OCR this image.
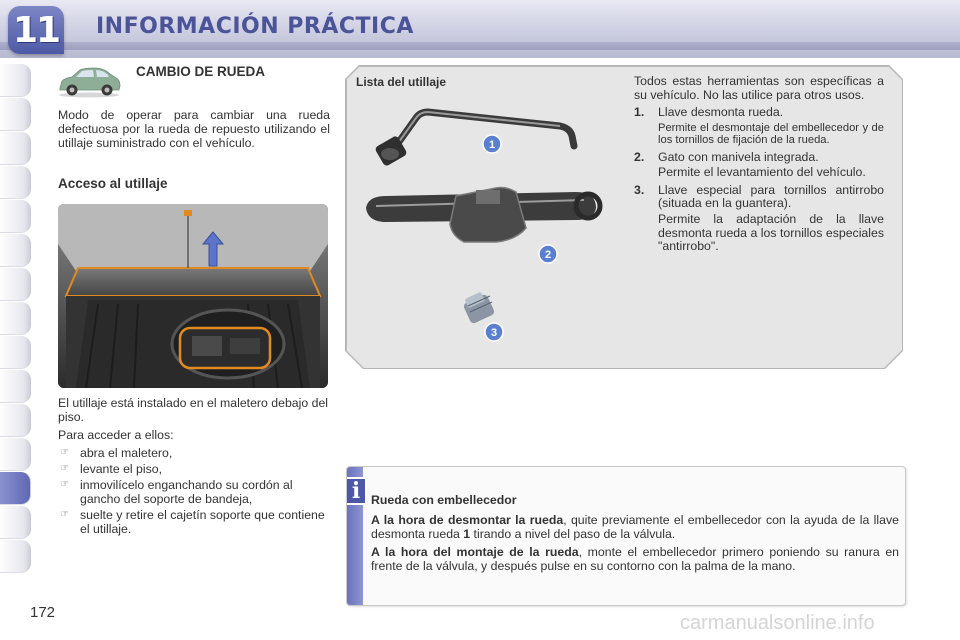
11 INFORMACIÓN PRÁCTICA
CAMBIO DE RUEDA
Modo de operar para cambiar una rueda defectuosa por la rueda de repuesto utilizando el utillaje suministrado con el vehículo.
Acceso al utillaje

El utillaje está instalado en el maletero debajo del piso.

Para acceder a ellos:

☞ abra el maletero,
☞ levante el piso,
☞ inmovilícelo enganchando su cordón al gancho del soporte de bandeja,
☞ suelte y retire el cajetín soporte que contiene el utillaje.
Lista del utillaje
1
2
3

Todos estas herramientas son específicas a su vehículo. No las utilice para otros usos.

1. Llave desmonta rueda.
Permite el desmontaje del embellecedor y de los tornillos de fijación de la rueda.
2. Gato con manivela integrada.
Permite el levantamiento del vehículo.
3. Llave especial para tornillos antirrobo (situada en la guantera).
Permite la adaptación de la llave desmonta rueda a los tornillos especiales "antirrobo".
i Rueda con embellecedor

A la hora de desmontar la rueda, quite previamente el embellecedor con la ayuda de la llave desmonta rueda 1 tirando a nivel del paso de la válvula.

A la hora del montaje de la rueda, monte el embellecedor primero poniendo su ranura en frente de la válvula, y después pulse en su contorno con la palma de la mano.

172	carmanualsonline.info
